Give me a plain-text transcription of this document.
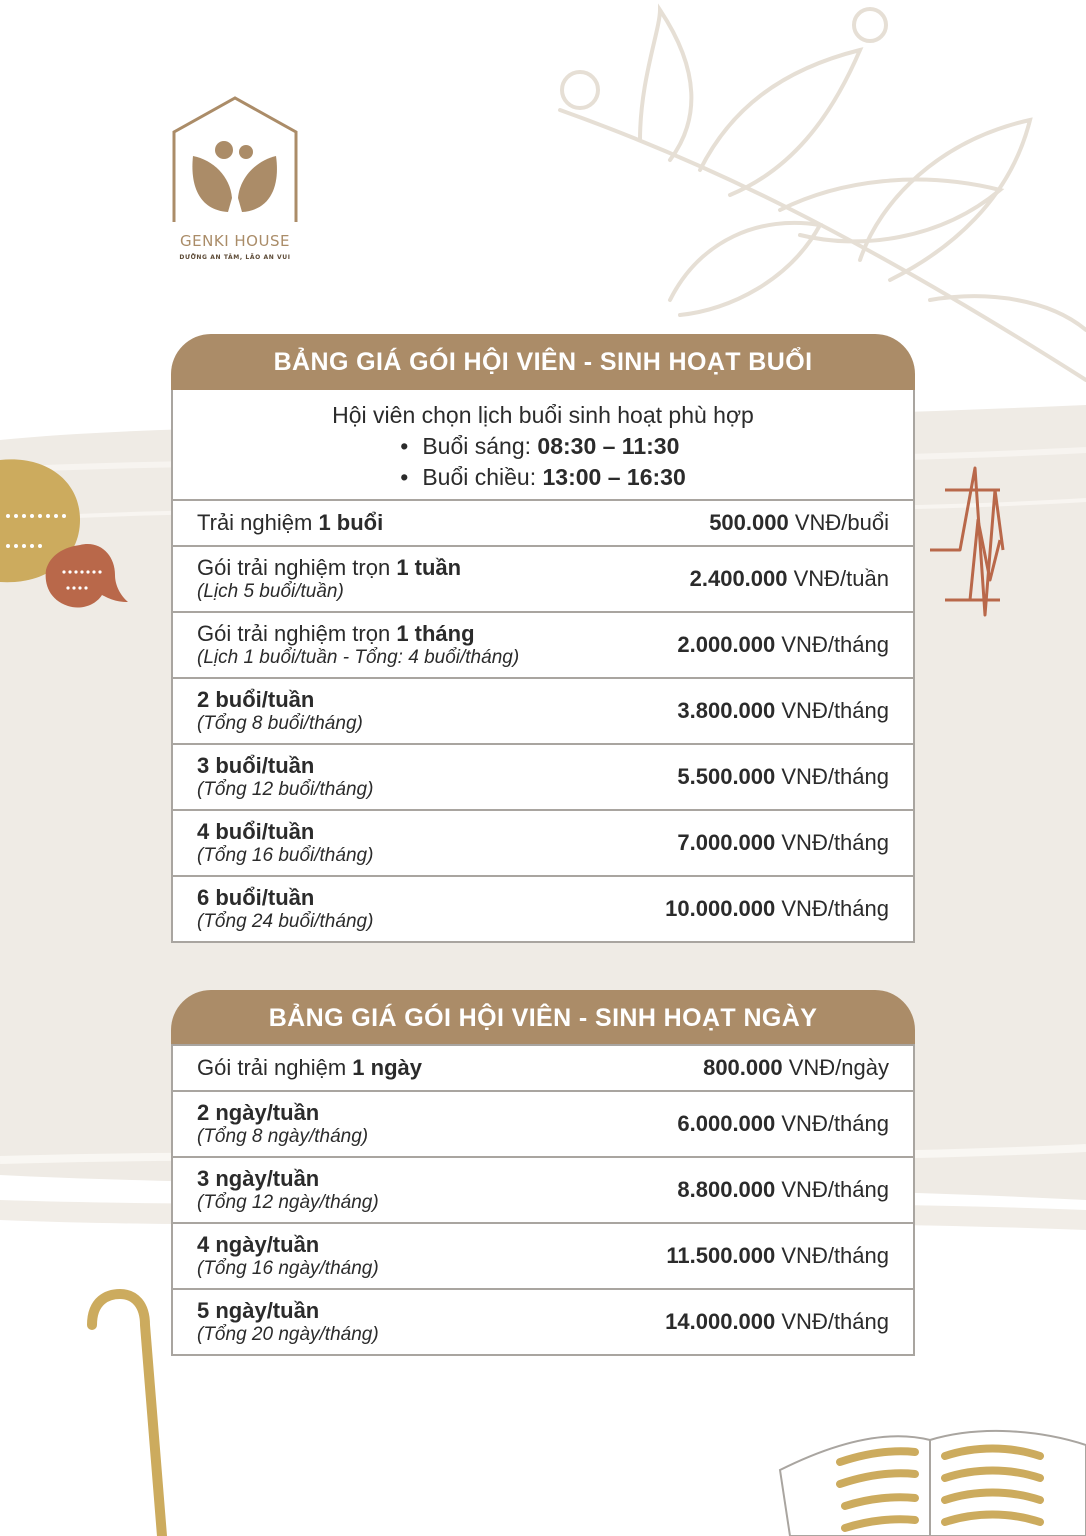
GENKI HOUSE
DƯỠNG AN TÂM, LÃO AN VUI
BẢNG GIÁ GÓI HỘI VIÊN - SINH HOẠT BUỔI
Hội viên chọn lịch buổi sinh hoạt phù hợp
• Buổi sáng: 08:30 – 11:30
• Buổi chiều: 13:00 – 16:30
Trải nghiệm 1 buổi	500.000 VNĐ/buổi
Gói trải nghiệm trọn 1 tuần
(Lịch 5 buổi/tuần)
2.400.000 VNĐ/tuần
Gói trải nghiệm trọn 1 tháng
(Lịch 1 buổi/tuần - Tổng: 4 buổi/tháng)
2.000.000 VNĐ/tháng
2 buổi/tuần
(Tổng 8 buổi/tháng)
3.800.000 VNĐ/tháng
3 buổi/tuần
(Tổng 12 buổi/tháng)
5.500.000 VNĐ/tháng
4 buổi/tuần
(Tổng 16 buổi/tháng)
7.000.000 VNĐ/tháng
6 buổi/tuần
(Tổng 24 buổi/tháng)
10.000.000 VNĐ/tháng
BẢNG GIÁ GÓI HỘI VIÊN - SINH HOẠT NGÀY
Gói trải nghiệm 1 ngày	800.000 VNĐ/ngày
2 ngày/tuần
(Tổng 8 ngày/tháng)
6.000.000 VNĐ/tháng
3 ngày/tuần
(Tổng 12 ngày/tháng)
8.800.000 VNĐ/tháng
4 ngày/tuần
(Tổng 16 ngày/tháng)
11.500.000 VNĐ/tháng
5 ngày/tuần
(Tổng 20 ngày/tháng)
14.000.000 VNĐ/tháng
